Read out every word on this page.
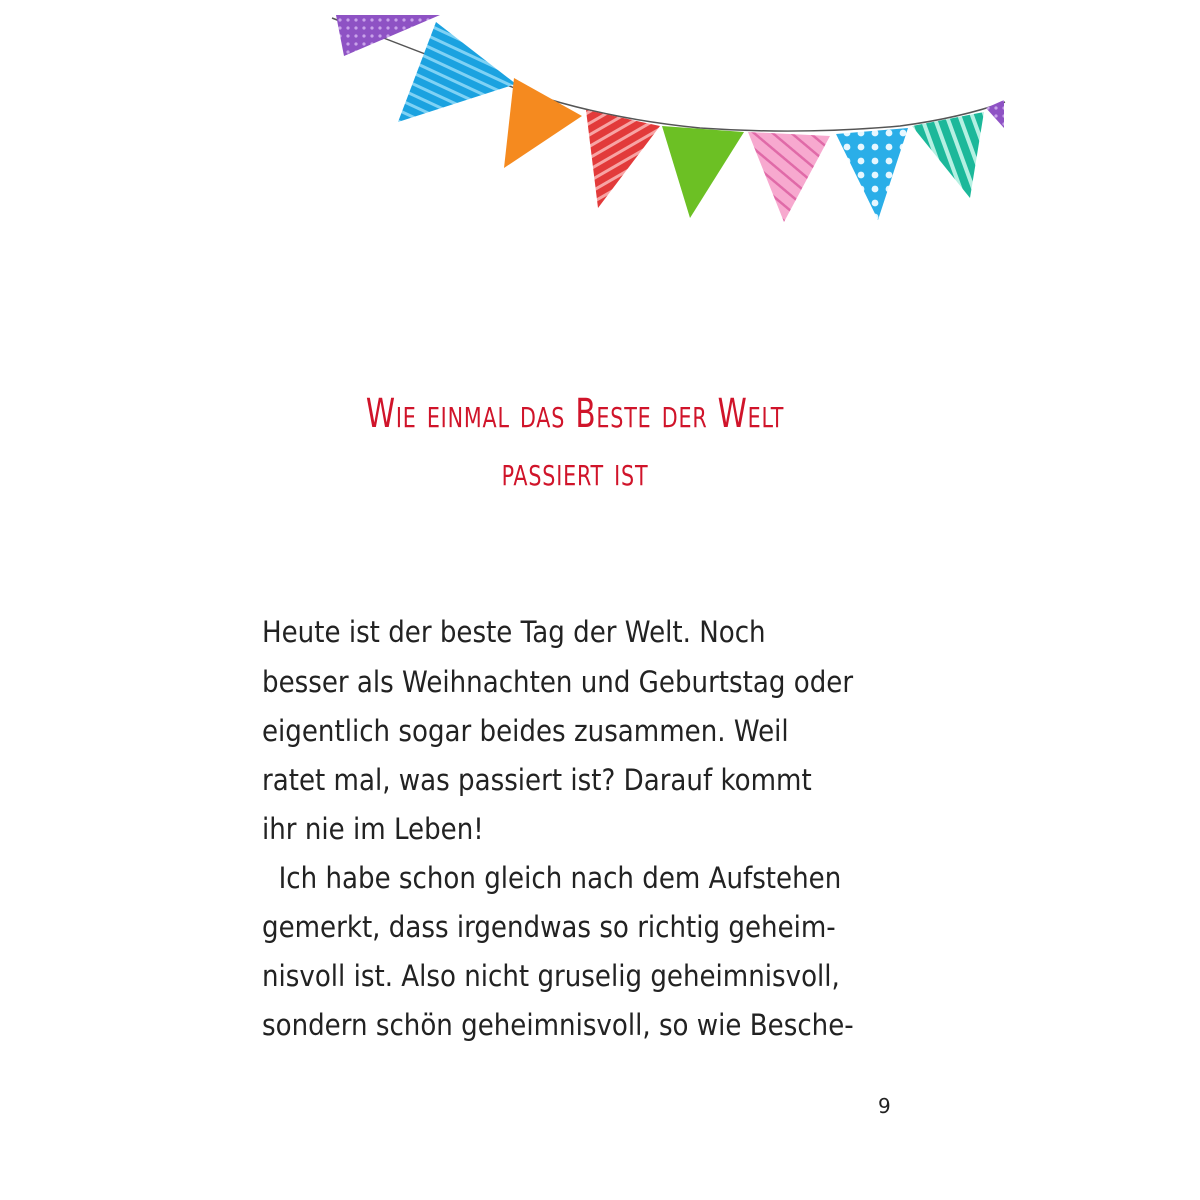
Wie einmal das Beste der Welt
passiert ist
Heute ist der beste Tag der Welt. Noch
besser als Weihnachten und Geburtstag oder
eigentlich sogar beides zusammen. Weil
ratet mal, was passiert ist? Darauf kommt
ihr nie im Leben!
Ich habe schon gleich nach dem Aufstehen
gemerkt, dass irgendwas so richtig geheim-
nisvoll ist. Also nicht gruselig geheimnisvoll,
sondern schön geheimnisvoll, so wie Besche-
9
